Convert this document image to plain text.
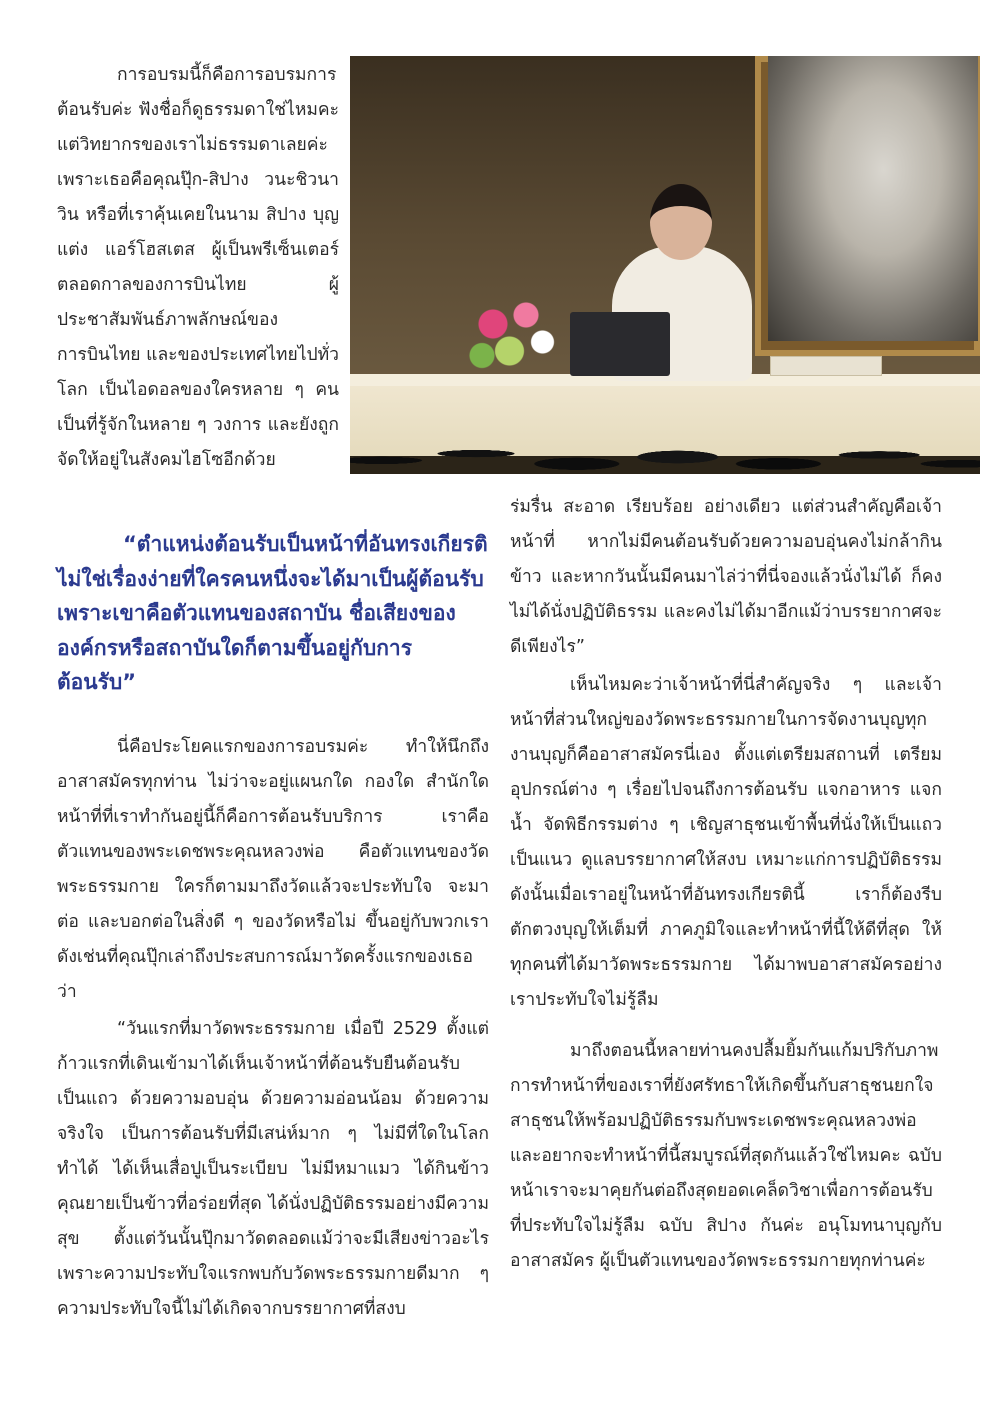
การอบรมนี้ก็คือการอบรมการต้อนรับค่ะ ฟังชื่อก็ดูธรรมดาใช่ไหมคะ แต่วิทยากรของเราไม่ธรรมดาเลยค่ะ เพราะเธอคือคุณปุ๊ก-สิปาง วนะชิวนาวิน หรือที่เราคุ้นเคยในนาม สิปาง บุญแต่ง แอร์โฮสเตส ผู้เป็นพรีเซ็นเตอร์ตลอดกาลของการบินไทย ผู้ประชาสัมพันธ์ภาพลักษณ์ของการบินไทย และของประเทศไทยไปทั่วโลก เป็นไอดอลของใครหลาย ๆ คน เป็นที่รู้จักในหลาย ๆ วงการ และยังถูกจัดให้อยู่ในสังคมไฮโซอีกด้วย

“ตำแหน่งต้อนรับเป็นหน้าที่อันทรงเกียรติ ไม่ใช่เรื่องง่ายที่ใครคนหนึ่งจะได้มาเป็นผู้ต้อนรับ เพราะเขาคือตัวแทนของสถาบัน ชื่อเสียงขององค์กรหรือสถาบันใดก็ตามขึ้นอยู่กับการต้อนรับ”

นี่คือประโยคแรกของการอบรมค่ะ ทำให้นึกถึงอาสาสมัครทุกท่าน ไม่ว่าจะอยู่แผนกใด กองใด สำนักใด หน้าที่ที่เราทำกันอยู่นี้ก็คือการต้อนรับบริการ เราคือตัวแทนของพระเดชพระคุณหลวงพ่อ คือตัวแทนของวัดพระธรรมกาย ใครก็ตามมาถึงวัดแล้วจะประทับใจ จะมาต่อ และบอกต่อในสิ่งดี ๆ ของวัดหรือไม่ ขึ้นอยู่กับพวกเรา ดังเช่นที่คุณปุ๊กเล่าถึงประสบการณ์มาวัดครั้งแรกของเธอว่า

“วันแรกที่มาวัดพระธรรมกาย เมื่อปี 2529 ตั้งแต่ก้าวแรกที่เดินเข้ามาได้เห็นเจ้าหน้าที่ต้อนรับยืนต้อนรับเป็นแถว ด้วยความอบอุ่น ด้วยความอ่อนน้อม ด้วยความจริงใจ เป็นการต้อนรับที่มีเสน่ห์มาก ๆ ไม่มีที่ใดในโลกทำได้ ได้เห็นเสื่อปูเป็นระเบียบ ไม่มีหมาแมว ได้กินข้าวคุณยายเป็นข้าวที่อร่อยที่สุด ได้นั่งปฏิบัติธรรมอย่างมีความสุข ตั้งแต่วันนั้นปุ๊กมาวัดตลอดแม้ว่าจะมีเสียงข่าวอะไร เพราะความประทับใจแรกพบกับวัดพระธรรมกายดีมาก ๆ ความประทับใจนี้ไม่ได้เกิดจากบรรยากาศที่สงบ

ร่มรื่น สะอาด เรียบร้อย อย่างเดียว แต่ส่วนสำคัญคือเจ้าหน้าที่ หากไม่มีคนต้อนรับด้วยความอบอุ่นคงไม่กล้ากินข้าว และหากวันนั้นมีคนมาไล่ว่าที่นี่จองแล้วนั่งไม่ได้ ก็คงไม่ได้นั่งปฏิบัติธรรม และคงไม่ได้มาอีกแม้ว่าบรรยากาศจะดีเพียงไร”

เห็นไหมคะว่าเจ้าหน้าที่นี่สำคัญจริง ๆ และเจ้าหน้าที่ส่วนใหญ่ของวัดพระธรรมกายในการจัดงานบุญทุกงานบุญก็คืออาสาสมัครนี่เอง ตั้งแต่เตรียมสถานที่ เตรียมอุปกรณ์ต่าง ๆ เรื่อยไปจนถึงการต้อนรับ แจกอาหาร แจกน้ำ จัดพิธีกรรมต่าง ๆ เชิญสาธุชนเข้าพื้นที่นั่งให้เป็นแถวเป็นแนว ดูแลบรรยากาศให้สงบ เหมาะแก่การปฏิบัติธรรม ดังนั้นเมื่อเราอยู่ในหน้าที่อันทรงเกียรตินี้ เราก็ต้องรีบตักตวงบุญให้เต็มที่ ภาคภูมิใจและทำหน้าที่นี้ให้ดีที่สุด ให้ทุกคนที่ได้มาวัดพระธรรมกาย ได้มาพบอาสาสมัครอย่างเราประทับใจไม่รู้ลืม

มาถึงตอนนี้หลายท่านคงปลื้มยิ้มกันแก้มปริกับภาพการทำหน้าที่ของเราที่ยังศรัทธาให้เกิดขึ้นกับสาธุชนยกใจสาธุชนให้พร้อมปฏิบัติธรรมกับพระเดชพระคุณหลวงพ่อ และอยากจะทำหน้าที่นี้สมบูรณ์ที่สุดกันแล้วใช่ไหมคะ ฉบับหน้าเราจะมาคุยกันต่อถึงสุดยอดเคล็ดวิชาเพื่อการต้อนรับที่ประทับใจไม่รู้ลืม ฉบับ สิปาง กันค่ะ อนุโมทนาบุญกับอาสาสมัคร ผู้เป็นตัวแทนของวัดพระธรรมกายทุกท่านค่ะ
